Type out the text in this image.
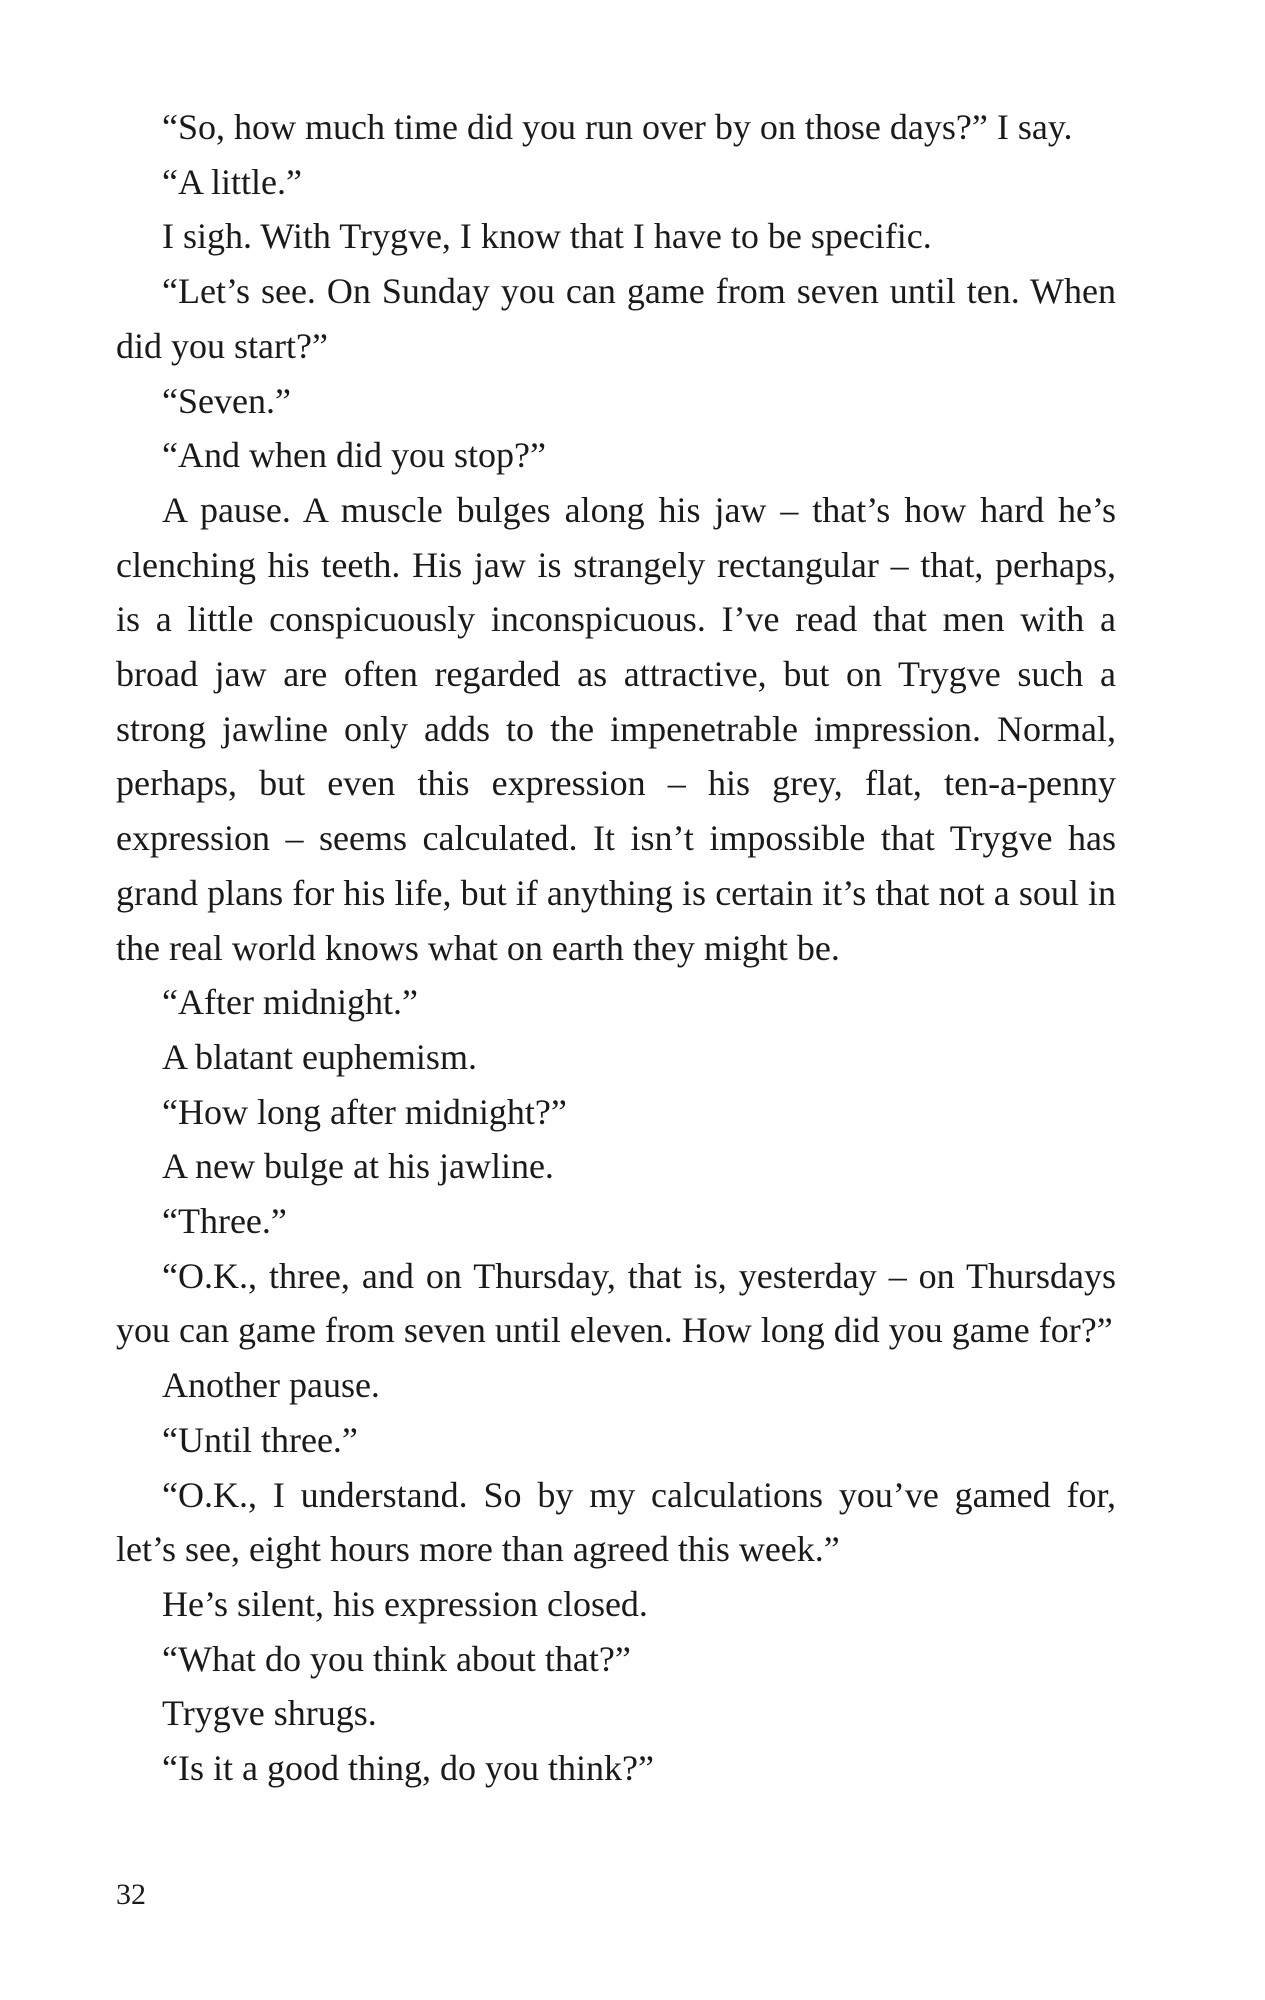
“So, how much time did you run over by on those days?” I say.

“A little.”

I sigh. With Trygve, I know that I have to be specific.

“Let’s see. On Sunday you can game from seven until ten. When did you start?”

“Seven.”

“And when did you stop?”

A pause. A muscle bulges along his jaw – that’s how hard he’s clenching his teeth. His jaw is strangely rectangular – that, perhaps, is a little conspicuously inconspicuous. I’ve read that men with a broad jaw are often regarded as attractive, but on Trygve such a strong jawline only adds to the impenetrable impression. Normal, perhaps, but even this expression – his grey, flat, ten-a-penny expression – seems calculated. It isn’t impossible that Trygve has grand plans for his life, but if anything is certain it’s that not a soul in the real world knows what on earth they might be.

“After midnight.”

A blatant euphemism.

“How long after midnight?”

A new bulge at his jawline.

“Three.”

“O.K., three, and on Thursday, that is, yesterday – on Thursdays you can game from seven until eleven. How long did you game for?”

Another pause.

“Until three.”

“O.K., I understand. So by my calculations you’ve gamed for, let’s see, eight hours more than agreed this week.”

He’s silent, his expression closed.

“What do you think about that?”

Trygve shrugs.

“Is it a good thing, do you think?”

32
